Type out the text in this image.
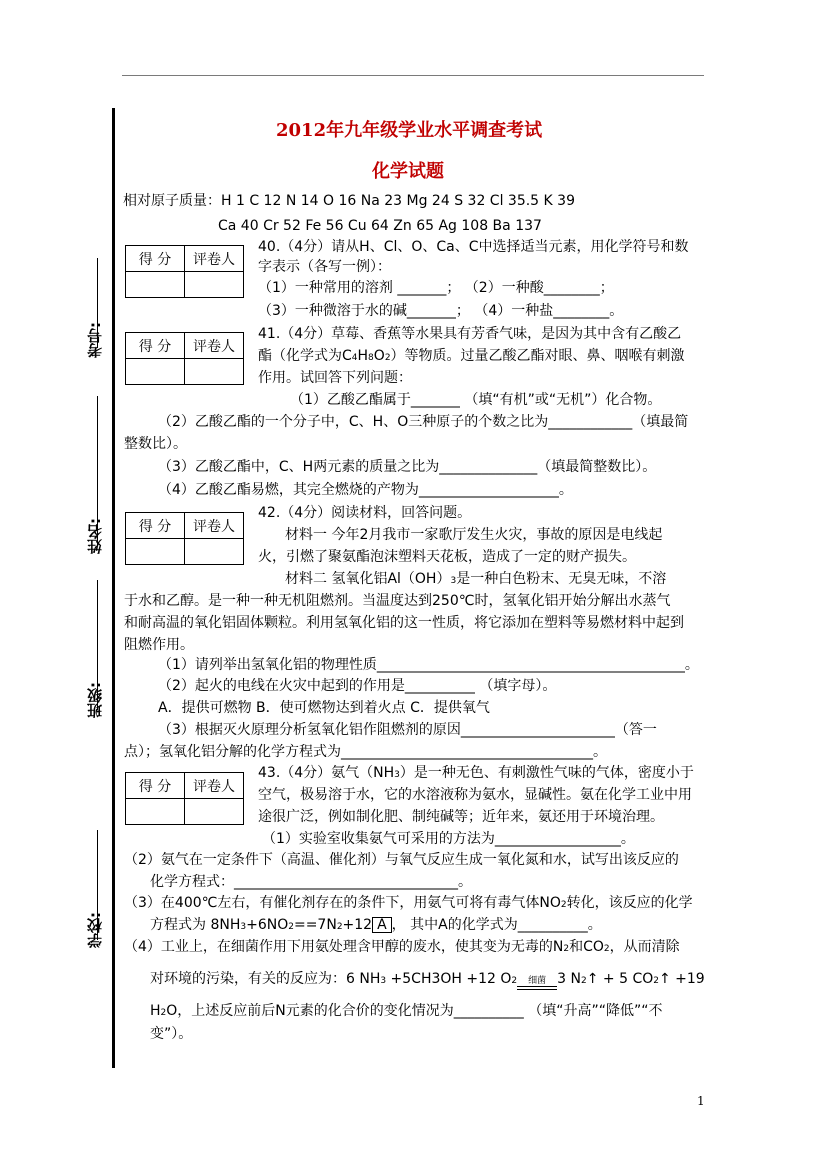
考号:
姓名:
班级:
学校:
2012年九年级学业水平调查考试
化学试题
相对原子质量：H 1 C 12 N 14 O 16 Na 23 Mg 24 S 32 Cl 35.5 K 39
Ca 40 Cr 52 Fe 56 Cu 64 Zn 65 Ag 108 Ba 137
得 分	评卷人

得 分	评卷人

得 分	评卷人

得 分	评卷人

40.（4分）请从H、Cl、O、Ca、C中选择适当元素，用化学符号和数
字表示（各写一例）：
（1）一种常用的溶剂 _______； （2）一种酸________；
（3）一种微溶于水的碱_______； （4）一种盐________。
41.（4分）草莓、香蕉等水果具有芳香气味，是因为其中含有乙酸乙
酯（化学式为C4H8O2）等物质。过量乙酸乙酯对眼、鼻、咽喉有刺激
作用。试回答下列问题：
（1）乙酸乙酯属于_______ （填“有机”或“无机”）化合物。
（2）乙酸乙酯的一个分子中，C、H、O三种原子的个数之比为____________（填最简
整数比）。
（3）乙酸乙酯中，C、H两元素的质量之比为______________（填最简整数比）。
（4）乙酸乙酯易燃，其完全燃烧的产物为____________________。
42.（4分）阅读材料，回答问题。
材料一 今年2月我市一家歌厅发生火灾，事故的原因是电线起
火，引燃了聚氨酯泡沫塑料天花板，造成了一定的财产损失。
材料二 氢氧化铝Al（OH）3是一种白色粉末、无臭无味，不溶
于水和乙醇。是一种一种无机阻燃剂。当温度达到250℃时，氢氧化铝开始分解出水蒸气
和耐高温的氧化铝固体颗粒。利用氢氧化铝的这一性质，将它添加在塑料等易燃材料中起到
阻燃作用。
（1）请列举出氢氧化铝的物理性质____________________________________________。
（2）起火的电线在火灾中起到的作用是__________ （填字母）。
A．提供可燃物 B．使可燃物达到着火点 C．提供氧气
（3）根据灭火原理分析氢氧化铝作阻燃剂的原因______________________（答一
点）；氢氧化铝分解的化学方程式为____________________________________。
43.（4分）氨气（NH3）是一种无色、有刺激性气味的气体，密度小于
空气，极易溶于水，它的水溶液称为氨水，显碱性。氨在化学工业中用
途很广泛，例如制化肥、制纯碱等；近年来，氨还用于环境治理。
（1）实验室收集氨气可采用的方法为__________________。
（2）氨气在一定条件下（高温、催化剂）与氧气反应生成一氧化氮和水，试写出该反应的
化学方程式：________________________________。
（3）在400℃左右，有催化剂存在的条件下，用氨气可将有毒气体NO2转化，该反应的化学
方程式为 8NH3+6NO2==7N2+12 A ， 其中A的化学式为__________。
（4）工业上，在细菌作用下用氨处理含甲醇的废水，使其变为无毒的N2和CO2，从而清除
对环境的污染，有关的反应为：6 NH3 +5CH3OH +12 O2	细菌 3 N2↑ + 5 CO2↑ +19
H2O，上述反应前后N元素的化合价的变化情况为__________ （填“升高”“降低”“不
变”）。
1
